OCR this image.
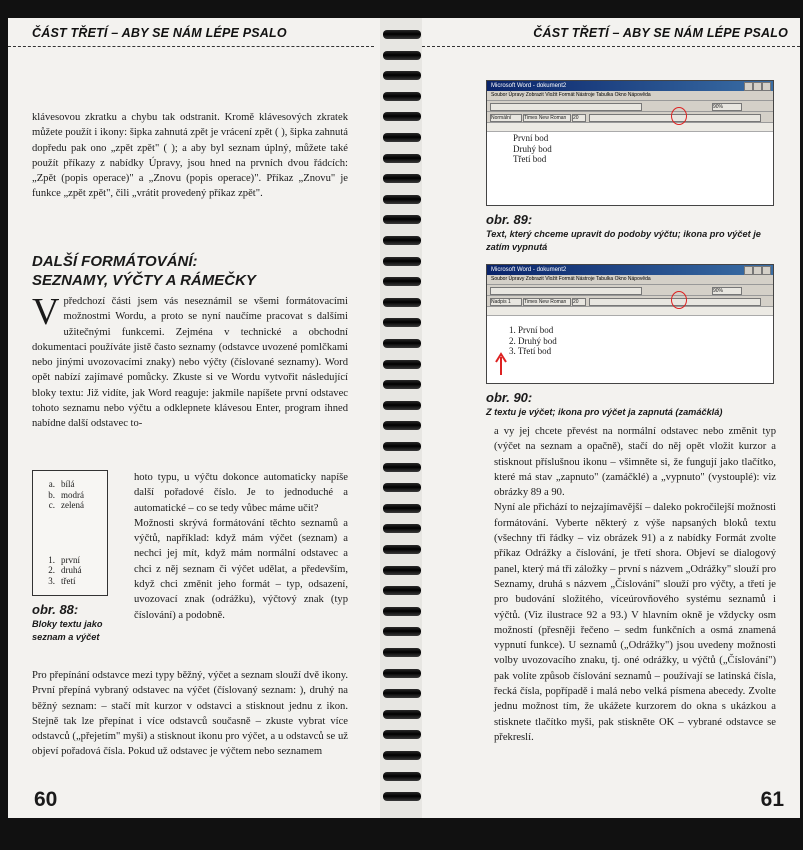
ČÁST TŘETÍ – ABY SE NÁM LÉPE PSALO
klávesovou zkratku a chybu tak odstranit. Kromě klávesových zkratek můžete použít i ikony: šipka zahnutá zpět je vrácení zpět ( ), šipka zahnutá dopředu pak ono „zpět zpět" ( ); a aby byl seznam úplný, můžete také použít příkazy z nabídky Úpravy, jsou hned na prvních dvou řádcích: „Zpět (popis operace)" a „Znovu (popis operace)". Příkaz „Znovu" je funkce „zpět zpět", čili „vrátit provedený příkaz zpět".
DALŠÍ FORMÁTOVÁNÍ:
SEZNAMY, VÝČTY A RÁMEČKY
V předchozí části jsem vás neseznámil se všemi formátovacími možnostmi Wordu, a proto se nyní naučíme pracovat s dalšími užitečnými funkcemi. Zejména v technické a obchodní dokumentaci používáte jistě často seznamy (odstavce uvozené pomlčkami nebo jinými uvozovacími znaky) nebo výčty (číslované seznamy). Word opět nabízí zajímavé pomůcky. Zkuste si ve Wordu vytvořit následující bloky textu: Již vidíte, jak Word reaguje: jakmile napíšete první odstavec tohoto seznamu nebo výčtu a odklepnete klávesou Enter, program ihned nabídne další odstavec to-
a. bílá
b. modrá
c. zelená
1. první
2. druhá
3. třetí

hoto typu, u výčtu dokonce automaticky napíše další pořadové číslo. Je to jednoduché a automatické – co se tedy vůbec máme učit?

Možnosti skrývá formátování těchto seznamů a výčtů, například: když mám výčet (seznam) a nechci jej mít, když mám normální odstavec a chci z něj seznam či výčet udělat, a především, když chci změnit jeho formát – typ, odsazení, uvozovací znak (odrážku), výčtový znak (typ číslování) a podobně.

obr. 88:
Bloky textu jako seznam a výčet
Pro přepínání odstavce mezi typy běžný, výčet a seznam slouží dvě ikony. První přepíná vybraný odstavec na výčet (číslovaný seznam: ), druhý na běžný seznam: – stačí mít kurzor v odstavci a stisknout jednu z ikon. Stejně tak lze přepínat i více odstavců současně – zkuste vybrat více odstavců („přejetím" myši) a stisknout ikonu pro výčet, a u odstavců se už objeví pořadová čísla. Pokud už odstavec je výčtem nebo seznamem
60
ČÁST TŘETÍ – ABY SE NÁM LÉPE PSALO
Microsoft Word - dokument2
Soubor Úpravy Zobrazit Vložit Formát Nástroje Tabulka Okno Nápověda
90%
Normální	Times New Roman	20
První bod
Druhý bod
Třetí bod
obr. 89:
Text, který chceme upravit do podoby výčtu; ikona pro výčet je zatím vypnutá
Microsoft Word - dokument2
Soubor Úpravy Zobrazit Vložit Formát Nástroje Tabulka Okno Nápověda
90%
Nadpis 1	Times New Roman	20
1. První bod
2. Druhý bod
3. Třetí bod
obr. 90:
Z textu je výčet; ikona pro výčet ja zapnutá (zamáčklá)

a vy jej chcete převést na normální odstavec nebo změnit typ (výčet na seznam a opačně), stačí do něj opět vložit kurzor a stisknout příslušnou ikonu – všimněte si, že fungují jako tlačítko, které má stav „zapnuto" (zamáčklé) a „vypnuto" (vystouplé): viz obrázky 89 a 90.

Nyní ale přichází to nejzajímavější – daleko pokročilejší možnosti formátování. Vyberte některý z výše napsaných bloků textu (všechny tři řádky – viz obrázek 91) a z nabídky Formát zvolte příkaz Odrážky a číslování, je třetí shora. Objeví se dialogový panel, který má tři záložky – první s názvem „Odrážky" slouží pro Seznamy, druhá s názvem „Číslování" slouží pro výčty, a třetí je pro budování složitého, víceúrovňového systému seznamů i výčtů. (Viz ilustrace 92 a 93.) V hlavním okně je vždycky osm možností (přesněji řečeno – sedm funkčních a osmá znamená vypnutí funkce). U seznamů („Odrážky") jsou uvedeny možnosti volby uvozovacího znaku, tj. oné odrážky, u výčtů („Číslování") pak volíte způsob číslování seznamů – používají se latinská čísla, řecká čísla, popřípadě i malá nebo velká písmena abecedy. Zvolte jednu možnost tím, že ukážete kurzorem do okna s ukázkou a stisknete tlačítko myši, pak stiskněte OK – vybrané odstavce se překreslí.

61
